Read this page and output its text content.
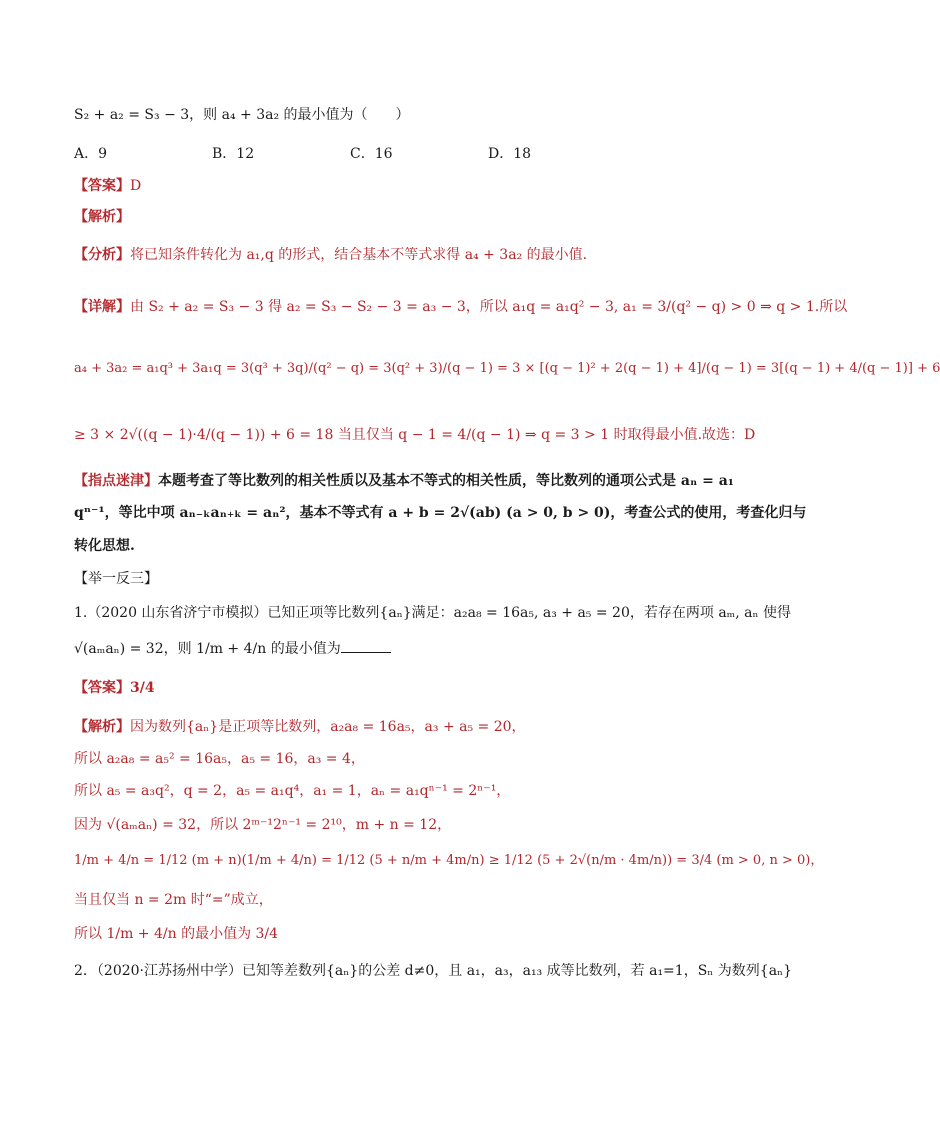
S₂ + a₂ = S₃ − 3，则 a₄ + 3a₂ 的最小值为（　　）
A．9	B．12	C．16	D．18
【答案】D
【解析】
【分析】将已知条件转化为 a₁,q 的形式，结合基本不等式求得 a₄ + 3a₂ 的最小值.
【详解】由 S₂ + a₂ = S₃ − 3 得 a₂ = S₃ − S₂ − 3 = a₃ − 3，所以 a₁q = a₁q² − 3, a₁ = 3/(q² − q) > 0 ⇒ q > 1.所以
a₄ + 3a₂ = a₁q³ + 3a₁q = 3(q³ + 3q)/(q² − q) = 3(q² + 3)/(q − 1) = 3 × [(q − 1)² + 2(q − 1) + 4]/(q − 1) = 3[(q − 1) + 4/(q − 1)] + 6
≥ 3 × 2√((q − 1)·4/(q − 1)) + 6 = 18 当且仅当 q − 1 = 4/(q − 1) ⇒ q = 3 > 1 时取得最小值.故选：D
【指点迷津】本题考查了等比数列的相关性质以及基本不等式的相关性质，等比数列的通项公式是 aₙ = a₁
qⁿ⁻¹，等比中项 aₙ₋ₖaₙ₊ₖ = aₙ²，基本不等式有 a + b = 2√(ab) (a > 0, b > 0)，考查公式的使用，考查化归与
转化思想.
【举一反三】
1.（2020 山东省济宁市模拟）已知正项等比数列{aₙ}满足：a₂a₈ = 16a₅, a₃ + a₅ = 20，若存在两项 aₘ, aₙ 使得
√(aₘaₙ) = 32，则 1/m + 4/n 的最小值为
【答案】3/4
【解析】因为数列{aₙ}是正项等比数列，a₂a₈ = 16a₅，a₃ + a₅ = 20，
所以 a₂a₈ = a₅² = 16a₅，a₅ = 16，a₃ = 4，
所以 a₅ = a₃q²，q = 2，a₅ = a₁q⁴，a₁ = 1，aₙ = a₁qⁿ⁻¹ = 2ⁿ⁻¹，
因为 √(aₘaₙ) = 32，所以 2ᵐ⁻¹2ⁿ⁻¹ = 2¹⁰，m + n = 12，
1/m + 4/n = 1/12 (m + n)(1/m + 4/n) = 1/12 (5 + n/m + 4m/n) ≥ 1/12 (5 + 2√(n/m · 4m/n)) = 3/4 (m > 0, n > 0)，
当且仅当 n = 2m 时“=”成立，
所以 1/m + 4/n 的最小值为 3/4
2．（2020·江苏扬州中学）已知等差数列{aₙ}的公差 d≠0，且 a₁，a₃，a₁₃ 成等比数列，若 a₁=1，Sₙ 为数列{aₙ}
